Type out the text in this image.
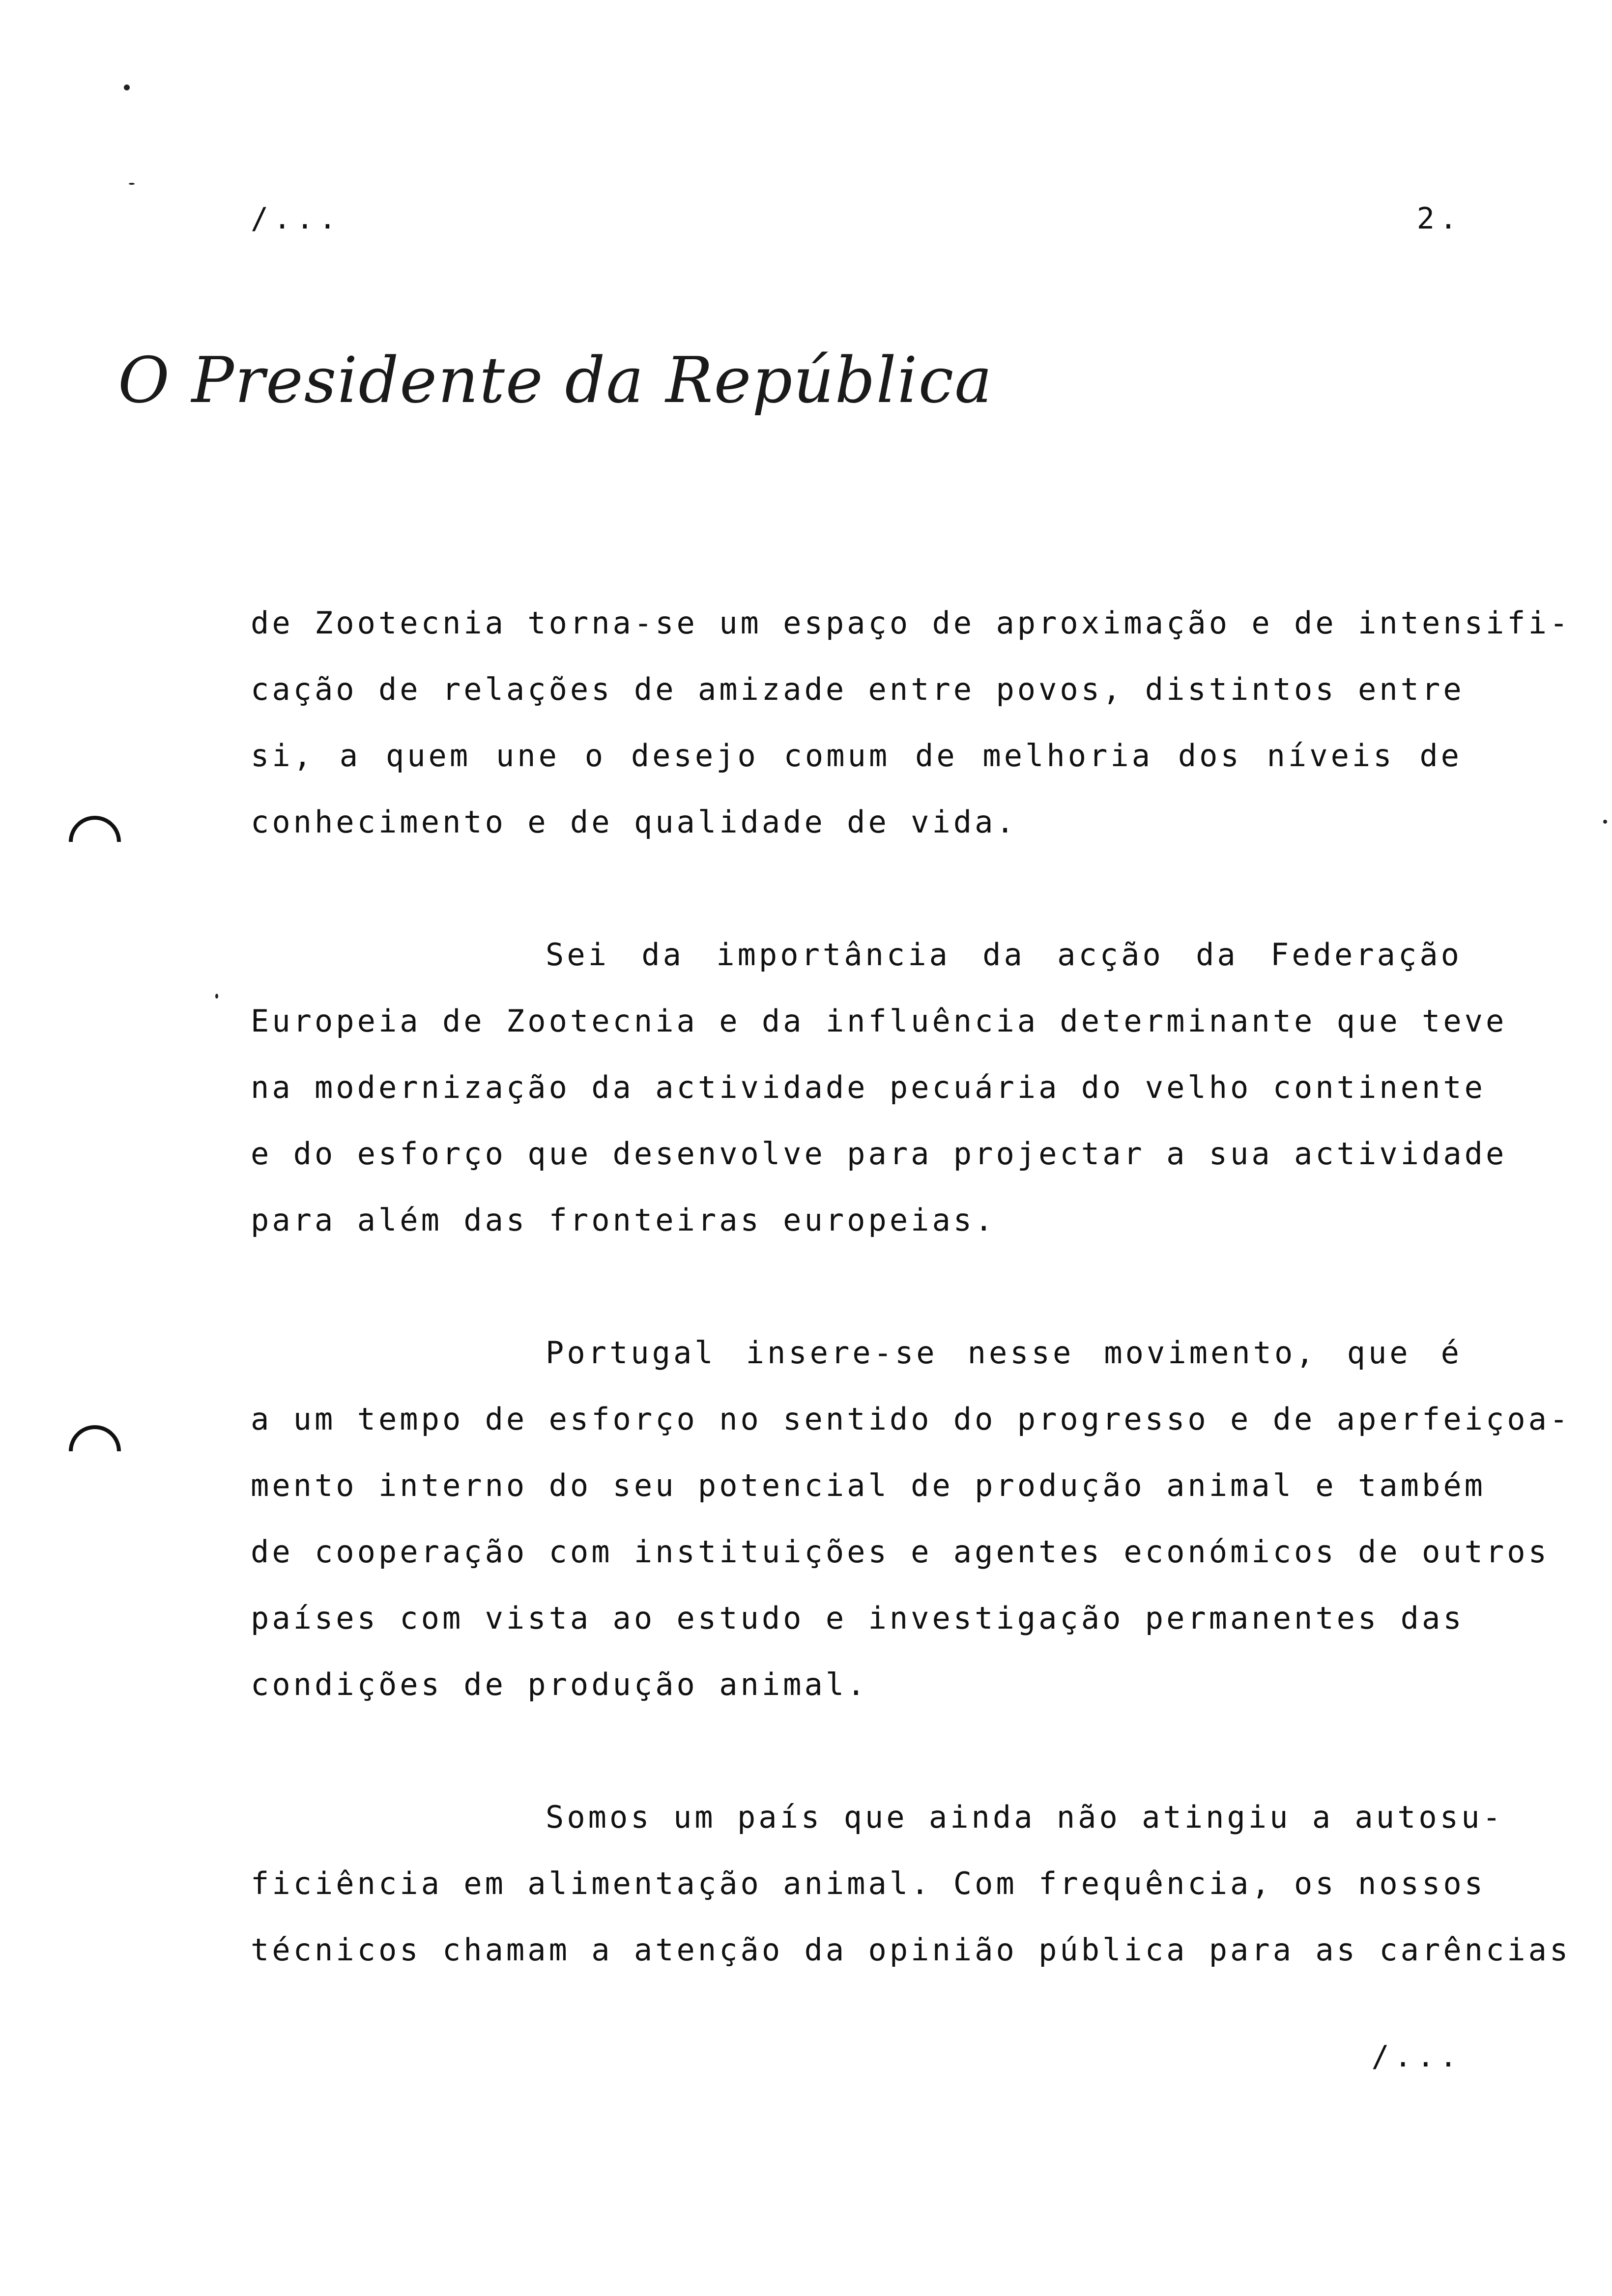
/...	2.
O Presidente da República
de Zootecnia torna-se um espaço de aproximação e de intensifi-
cação de relações de amizade entre povos, distintos entre
si, a quem une o desejo comum de melhoria dos níveis de
conhecimento e de qualidade de vida.
Sei da importância da acção da Federação
Europeia de Zootecnia e da influência determinante que teve
na modernização da actividade pecuária do velho continente
e do esforço que desenvolve para projectar a sua actividade
para além das fronteiras europeias.
Portugal insere-se nesse movimento, que é
a um tempo de esforço no sentido do progresso e de aperfeiçoa-
mento interno do seu potencial de produção animal e também
de cooperação com instituições e agentes económicos de outros
países com vista ao estudo e investigação permanentes das
condições de produção animal.
Somos um país que ainda não atingiu a autosu-
ficiência em alimentação animal. Com frequência, os nossos
técnicos chamam a atenção da opinião pública para as carências
/...
